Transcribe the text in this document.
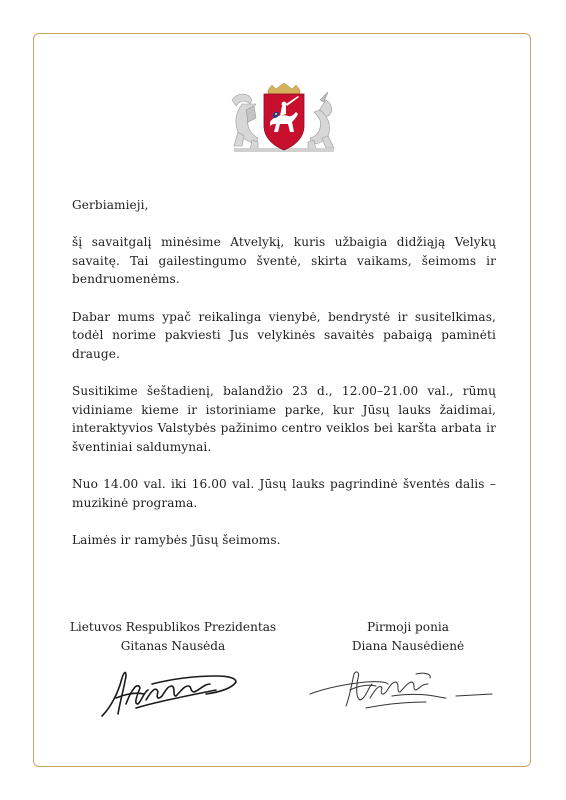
Gerbiamieji,

šį savaitgalį minėsime Atvelykį, kuris užbaigia didžiąją Velykų savaitę. Tai gailestingumo šventė, skirta vaikams, šeimoms ir bendruomenėms.

Dabar mums ypač reikalinga vienybė, bendrystė ir susitelkimas, todėl norime pakviesti Jus velykinės savaitės pabaigą paminėti drauge.

Susitikime šeštadienį, balandžio 23 d., 12.00–21.00 val., rūmų vidiniame kieme ir istoriniame parke, kur Jūsų lauks žaidimai, interaktyvios Valstybės pažinimo centro veiklos bei karšta arbata ir šventiniai saldumynai.

Nuo 14.00 val. iki 16.00 val. Jūsų lauks pagrindinė šventės dalis – muzikinė programa.

Laimės ir ramybės Jūsų šeimoms.

Lietuvos Respublikos Prezidentas
Gitanas Nausėda
Pirmoji ponia
Diana Nausėdienė
